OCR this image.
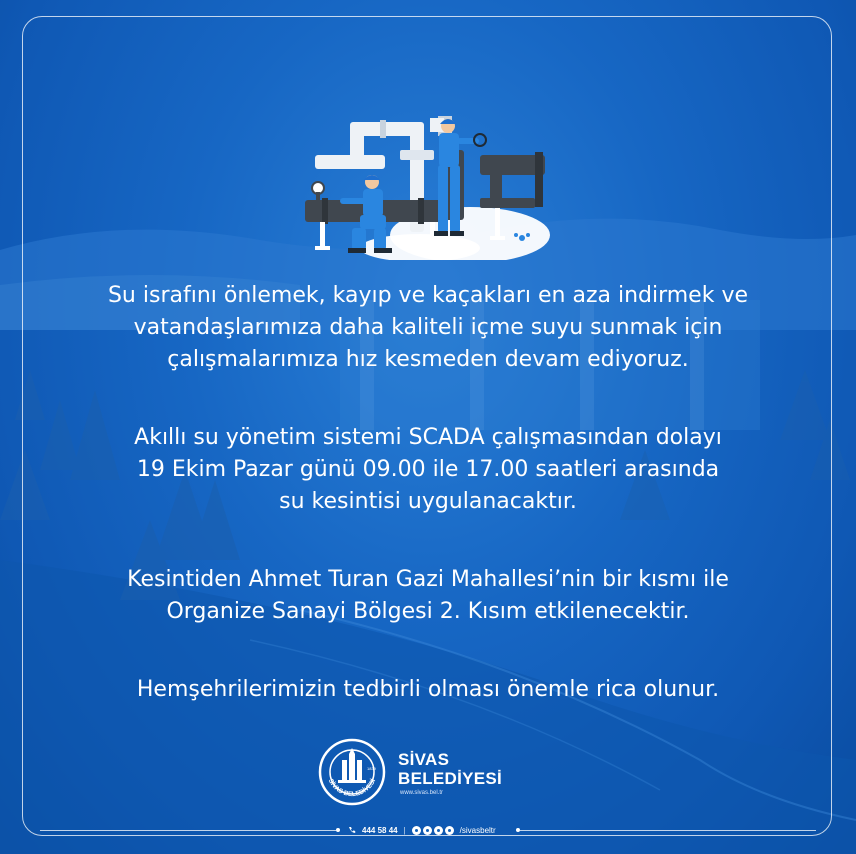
Su israfını önlemek, kayıp ve kaçakları en aza indirmek ve
vatandaşlarımıza daha kaliteli içme suyu sunmak için
çalışmalarımıza hız kesmeden devam ediyoruz.

Akıllı su yönetim sistemi SCADA çalışmasından dolayı
19 Ekim Pazar günü 09.00 ile 17.00 saatleri arasında
su kesintisi uygulanacaktır.

Kesintiden Ahmet Turan Gazi Mahallesi’nin bir kısmı ile
Organize Sanayi Bölgesi 2. Kısım etkilenecektir.

Hemşehrilerimizin tedbirli olması önemle rica olunur.

SİVAS BELEDİYESİ
1839 SİVAS
BELEDİYESİ
www.sivas.bel.tr
444 58 44 |	/sivasbeltr
